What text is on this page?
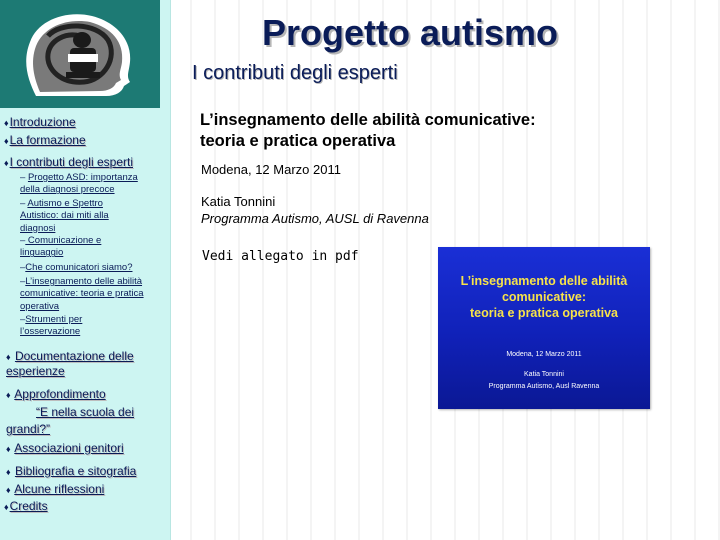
Progetto autismo
I contributi degli esperti
♦Introduzione
♦La formazione
♦I contributi degli esperti
– Progetto ASD: importanza
della diagnosi precoce
– Autismo e Spettro
Autistico: dai miti alla
diagnosi
– Comunicazione e
linguaggio
–Che comunicatori siamo?
–L’insegnamento delle abilità
comunicative: teoria e pratica
operativa
–Strumenti per
l’osservazione
♦ Documentazione delle esperienze
♦ Approfondimento
“E nella scuola dei grandi?”
♦ Associazioni genitori
♦ Bibliografia e sitografia
♦ Alcune riflessioni
♦Credits
L’insegnamento delle abilità comunicative:
teoria e pratica operativa
Modena, 12 Marzo 2011
Katia Tonnini
Programma Autismo, AUSL di Ravenna
Vedi allegato in pdf
L’insegnamento delle abilità
comunicative:
teoria e pratica operativa
Modena, 12 Marzo 2011
Katia Tonnini
Programma Autismo, Ausl Ravenna
